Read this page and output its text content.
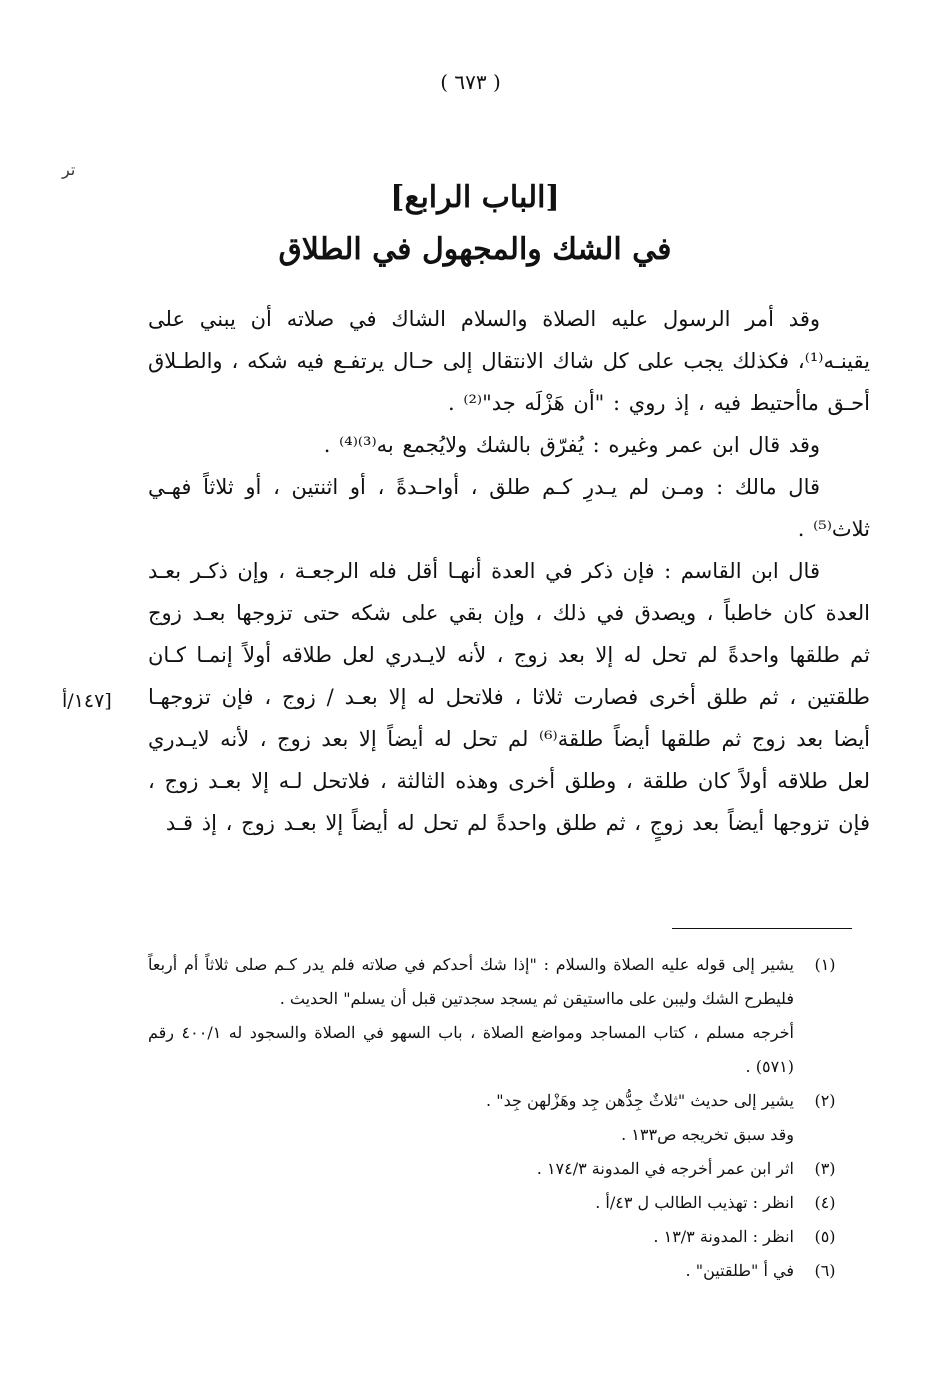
( ٦٧٣ )
تر
[الباب الرابع]
في الشك والمجهول في الطلاق

وقد أمر الرسول عليه الصلاة والسلام الشاك في صلاته أن يبني على يقينـه⁽¹⁾، فكذلك يجب على كل شاك الانتقال إلى حـال يرتفـع فيه شكه ، والطـلاق أحـق ماأحتيط فيه ، إذ روي : "أن هَزْلَه جد"⁽²⁾ .

وقد قال ابن عمر وغيره : يُفرّق بالشك ولايُجمع به⁽³⁾⁽⁴⁾ .

قال مالك : ومـن لم يـدرِ كـم طلق ، أواحـدةً ، أو اثنتين ، أو ثلاثاً فهـي ثلاث⁽⁵⁾ .

قال ابن القاسم : فإن ذكر في العدة أنهـا أقل فله الرجعـة ، وإن ذكـر بعـد العدة كان خاطباً ، ويصدق في ذلك ، وإن بقي على شكه حتى تزوجها بعـد زوج ثم طلقها واحدةً لم تحل له إلا بعد زوج ، لأنه لايـدري لعل طلاقه أولاً إنمـا كـان طلقتين ، ثم طلق أخرى فصارت ثلاثا ، فلاتحل له إلا بعـد / زوج ، فإن تزوجهـا أيضا بعد زوج ثم طلقها أيضاً طلقة⁽⁶⁾ لم تحل له أيضاً إلا بعد زوج ، لأنه لايـدري لعل طلاقه أولاً كان طلقة ، وطلق أخرى وهذه الثالثة ، فلاتحل لـه إلا بعـد زوج ، فإن تزوجها أيضاً بعد زوجٍ ، ثم طلق واحدةً لم تحل له أيضاً إلا بعـد زوج ، إذ قـد

[١٤٧/أ
(١)
يشير إلى قوله عليه الصلاة والسلام : "إذا شك أحدكم في صلاته فلم يدر كـم صلى ثلاثاً أم أربعاً فليطرح الشك وليبن على مااستيقن ثم يسجد سجدتين قبل أن يسلم" الحديث .
أخرجه مسلم ، كتاب المساجد ومواضع الصلاة ، باب السهو في الصلاة والسجود له ٤٠٠/١ رقم (٥٧١) .
(٢)
يشير إلى حديث "ثلاثٌ جِدُّهن جِد وهَزْلهن جِد" .
وقد سبق تخريجه ص١٣٣ .
(٣)
اثر ابن عمر أخرجه في المدونة ١٧٤/٣ .
(٤)
انظر : تهذيب الطالب ل ٤٣/أ .
(٥)
انظر : المدونة ١٣/٣ .
(٦)
في أ "طلقتين" .
